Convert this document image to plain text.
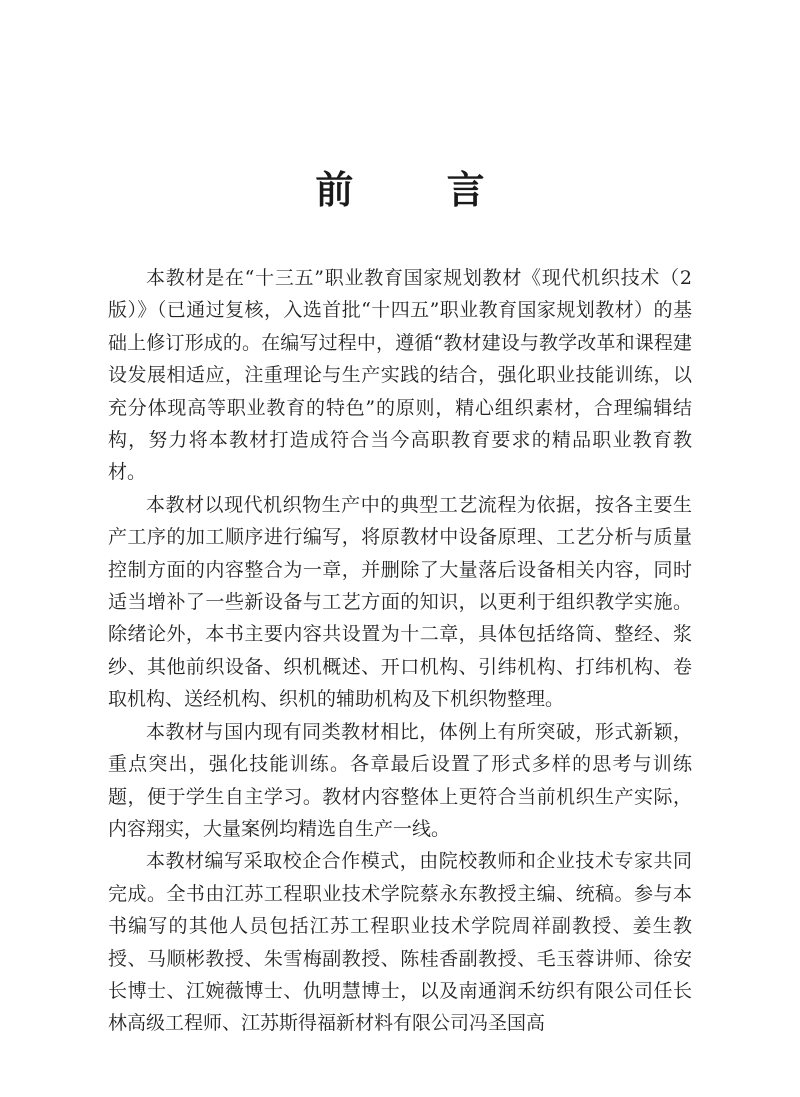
前 言

本教材是在“十三五”职业教育国家规划教材《现代机织技术（2版）》（已通过复核，入选首批“十四五”职业教育国家规划教材）的基础上修订形成的。在编写过程中，遵循“教材建设与教学改革和课程建设发展相适应，注重理论与生产实践的结合，强化职业技能训练，以充分体现高等职业教育的特色”的原则，精心组织素材，合理编辑结构，努力将本教材打造成符合当今高职教育要求的精品职业教育教材。

本教材以现代机织物生产中的典型工艺流程为依据，按各主要生产工序的加工顺序进行编写，将原教材中设备原理、工艺分析与质量控制方面的内容整合为一章，并删除了大量落后设备相关内容，同时适当增补了一些新设备与工艺方面的知识，以更利于组织教学实施。除绪论外，本书主要内容共设置为十二章，具体包括络筒、整经、浆纱、其他前织设备、织机概述、开口机构、引纬机构、打纬机构、卷取机构、送经机构、织机的辅助机构及下机织物整理。

本教材与国内现有同类教材相比，体例上有所突破，形式新颖，重点突出，强化技能训练。各章最后设置了形式多样的思考与训练题，便于学生自主学习。教材内容整体上更符合当前机织生产实际，内容翔实，大量案例均精选自生产一线。

本教材编写采取校企合作模式，由院校教师和企业技术专家共同完成。全书由江苏工程职业技术学院蔡永东教授主编、统稿。参与本书编写的其他人员包括江苏工程职业技术学院周祥副教授、姜生教授、马顺彬教授、朱雪梅副教授、陈桂香副教授、毛玉蓉讲师、徐安长博士、江婉薇博士、仇明慧博士，以及南通润禾纺织有限公司任长林高级工程师、江苏斯得福新材料有限公司冯圣国高
